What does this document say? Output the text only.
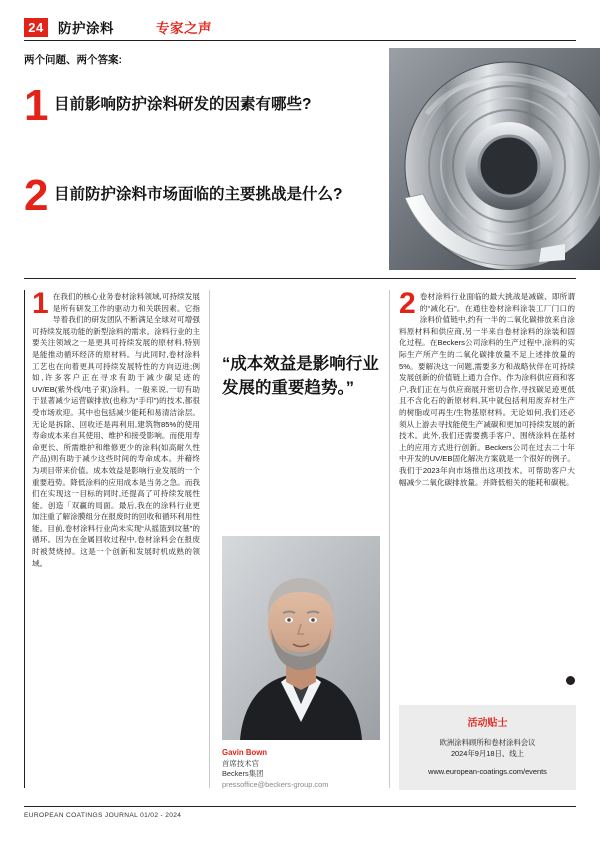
24	防护涂料	专家之声
两个问题、两个答案:
1 目前影响防护涂料研发的因素有哪些?
2 目前防护涂料市场面临的主要挑战是什么?
1 在我们的核心业务卷材涂料领域,可持续发展是所有研发工作的驱动力和关联因素。它指导着我们的研发团队不断满足全球对可增强可持续发展功能的新型涂料的需求。涂料行业的主要关注领域之一是更具可持续发展的原材料,特别是能推动循环经济的原材料。与此同时,卷材涂料工艺也在向着更具可持续发展特性的方向迈进;例如,许多客户正在寻求有助于减少碳足迹的UV/EB(紫外线/电子束)涂料。一般来说,一切有助于显著减少运营碳排放(也称为“手印”)的技术,都很受市场欢迎。其中也包括减少能耗和易清洁涂层。无论是拆除、回收还是再利用,建筑物85%的使用寿命成本来自其使用、维护和接受影响。而使用寿命更长、所需维护和维修更少的涂料(如高耐久性产品)则有助于减少这些时间的寿命成本。并藉终为项目带来价值。成本效益是影响行业发展的一个重要趋势。降低涂料的应用成本是当务之急。而我们在实现这一目标的同时,还提高了可持续发展性能。创造「双赢的局面。最后,我在的涂料行业更加注重了解涂膜组分在报废时的回收和循环利用性能。目前,卷材涂料行业尚未实现“从摇篮到坟墓”的循环。因为在金属回收过程中,卷材涂料会在报废时被焚烧掉。这是一个创新和发展时机成熟的领域。
“成本效益是影响行业发展的重要趋势。”
Gavin Bown
首席技术官
Beckers集团
pressoffice@beckers-group.com
2 卷材涂料行业面临的最大挑战是减碳、即所谓的“减化石”。在通往卷材涂料涂装工厂门口的涂料价值链中,约有一半的二氧化碳排放来自涂料原材料和供应商,另一半来自卷材涂料的涂装和固化过程。在Beckers公司涂料的生产过程中,涂料的实际生产所产生的二氧化碳排放量不足上述排放量的5%。要解决这一问题,需要多方和战略伙伴在可持续发展创新的价值链上通力合作。作为涂料供应商和客户,我们正在与供应商展开密切合作,寻找碳足迹更低且不含化石的新原材料,其中就包括利用废弃材生产的树脂或可再生/生物基原材料。无论如何,我们还必须从上游去寻找能使生产减碳和更加可持续发展的新技术。此外,我们还需要携手客户、围绕涂料在基材上的应用方式进行创新。Beckers公司在过去二十年中开发的UV/EB固化解决方案就是一个很好的例子。我们于2023年向市场推出这项技术。可帮助客户大幅减少二氧化碳排放量。并降低相关的能耗和碳税。
活动贴士
欧洲涂料顾所和卷材涂料会议
2024年9月18日、线上
www.european-coatings.com/events
EUROPEAN COATINGS JOURNAL 01/02 - 2024
